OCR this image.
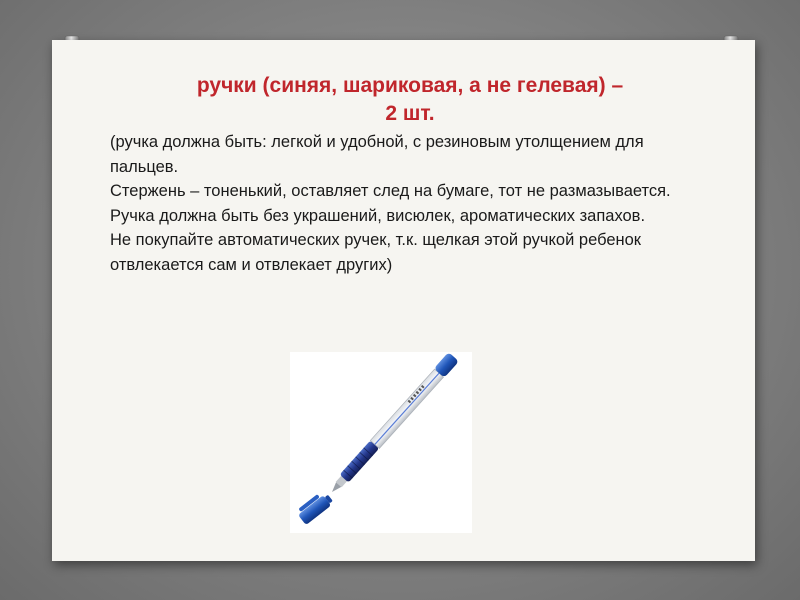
ручки (синяя, шариковая, а не гелевая) –
2 шт.

(ручка должна быть: легкой и удобной, с резиновым утолщением для пальцев.

Стержень – тоненький, оставляет след на бумаге, тот не размазывается.

Ручка должна быть без украшений, висюлек, ароматических запахов.

Не покупайте автоматических ручек, т.к. щелкая этой ручкой ребенок отвлекается сам и отвлекает других)
